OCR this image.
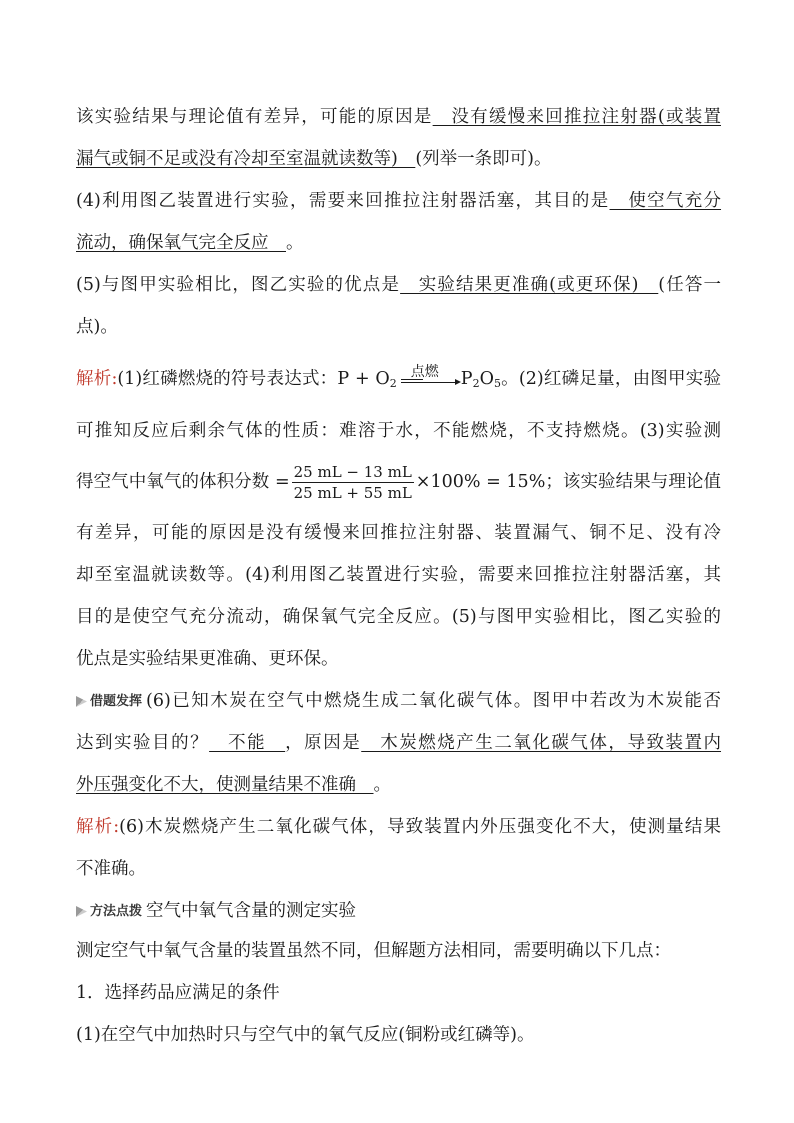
该实验结果与理论值有差异，可能的原因是　没有缓慢来回推拉注射器(或装置
漏气或铜不足或没有冷却至室温就读数等)　(列举一条即可)。
(4)利用图乙装置进行实验，需要来回推拉注射器活塞，其目的是　使空气充分
流动，确保氧气完全反应　。
(5)与图甲实验相比，图乙实验的优点是　实验结果更准确(或更环保)　(任答一
点)。
解析:(1)红磷燃烧的符号表达式：$P + O_2$
点燃 $P_2O_5$。(2)红磷足量，由图甲实验
可推知反应后剩余气体的性质：难溶于水，不能燃烧，不支持燃烧。(3)实验测
得空气中氧气的体积分数 = $\frac{25 mL - 13 mL}{25 mL + 55 mL} \times 100\% = 15\%$；该实验结果与理论值
有差异，可能的原因是没有缓慢来回推拉注射器、装置漏气、铜不足、没有冷
却至室温就读数等。(4)利用图乙装置进行实验，需要来回推拉注射器活塞，其
目的是使空气充分流动，确保氧气完全反应。(5)与图甲实验相比，图乙实验的
优点是实验结果更准确、更环保。
借题发挥 (6)已知木炭在空气中燃烧生成二氧化碳气体。图甲中若改为木炭能否
达到实验目的？　不能　，原因是　木炭燃烧产生二氧化碳气体，导致装置内
外压强变化不大，使测量结果不准确　。
解析:(6)木炭燃烧产生二氧化碳气体，导致装置内外压强变化不大，使测量结果
不准确。
方法点拨 空气中氧气含量的测定实验
测定空气中氧气含量的装置虽然不同，但解题方法相同，需要明确以下几点：
1．选择药品应满足的条件
(1)在空气中加热时只与空气中的氧气反应(铜粉或红磷等)。
